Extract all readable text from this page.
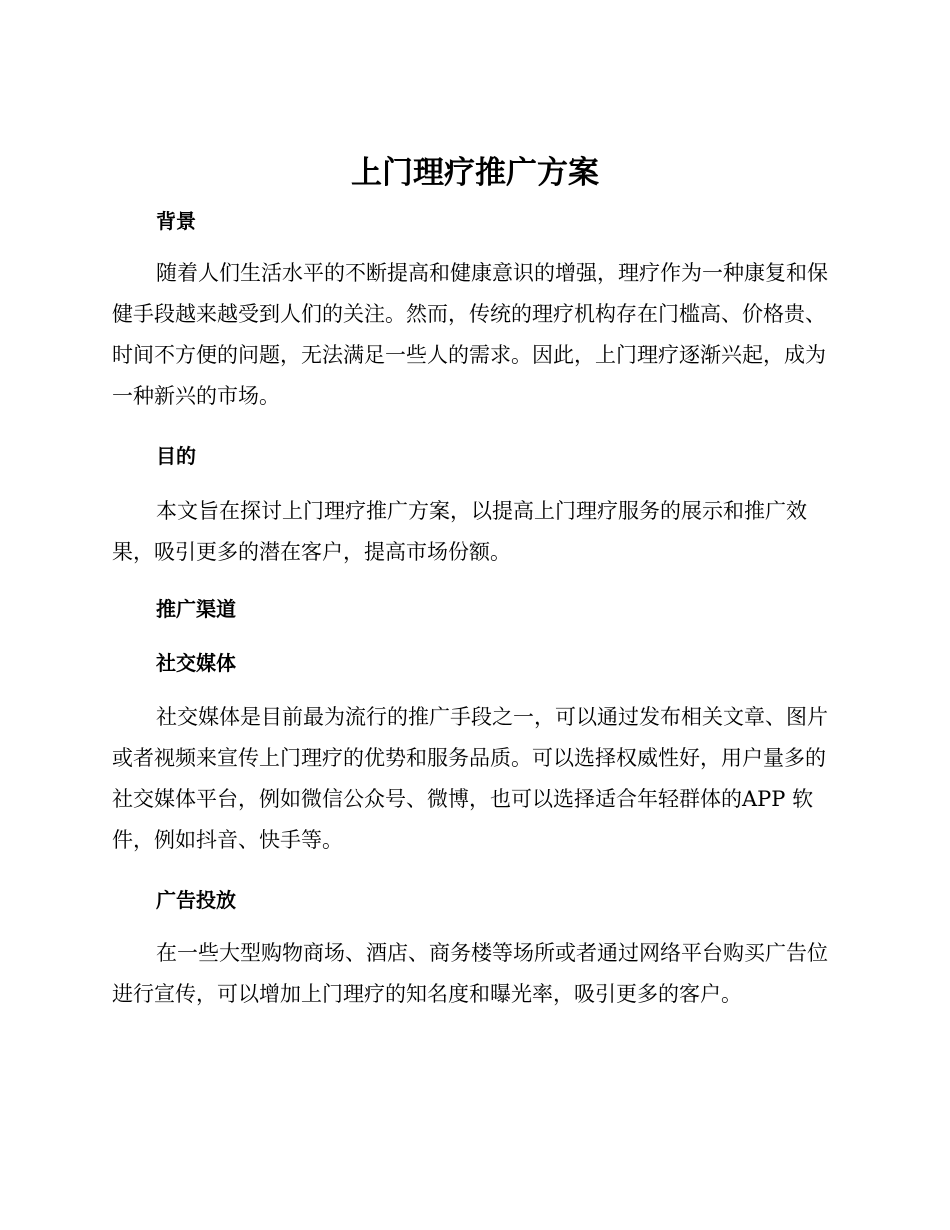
上门理疗推广方案
背景

随着人们生活水平的不断提高和健康意识的增强，理疗作为一种康复和保健手段越来越受到人们的关注。然而，传统的理疗机构存在门槛高、价格贵、时间不方便的问题，无法满足一些人的需求。因此，上门理疗逐渐兴起，成为一种新兴的市场。

目的

本文旨在探讨上门理疗推广方案，以提高上门理疗服务的展示和推广效果，吸引更多的潜在客户，提高市场份额。

推广渠道
社交媒体

社交媒体是目前最为流行的推广手段之一，可以通过发布相关文章、图片或者视频来宣传上门理疗的优势和服务品质。可以选择权威性好，用户量多的社交媒体平台，例如微信公众号、微博，也可以选择适合年轻群体的APP 软件，例如抖音、快手等。

广告投放

在一些大型购物商场、酒店、商务楼等场所或者通过网络平台购买广告位进行宣传，可以增加上门理疗的知名度和曝光率，吸引更多的客户。
